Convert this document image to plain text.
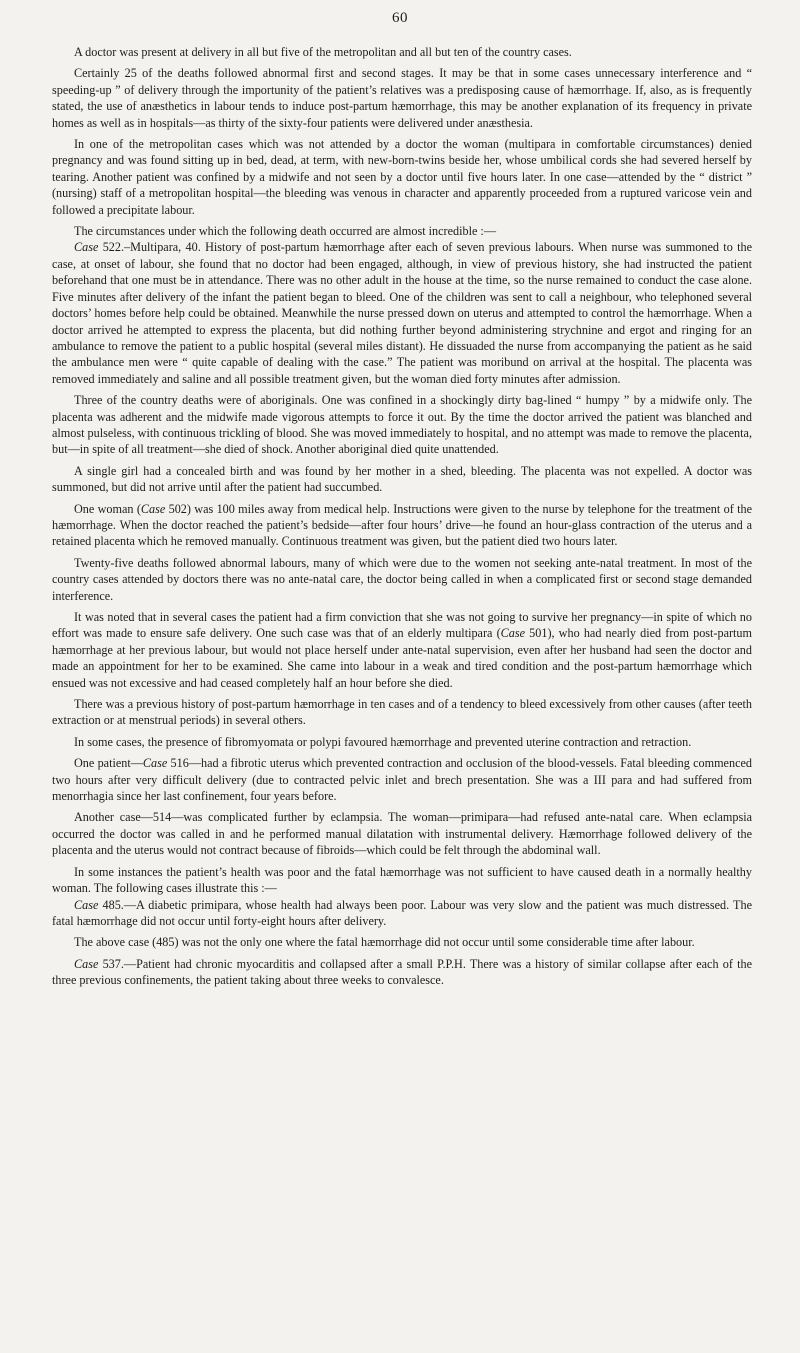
60

A doctor was present at delivery in all but five of the metropolitan and all but ten of the country cases.

Certainly 25 of the deaths followed abnormal first and second stages. It may be that in some cases unnecessary interference and “ speeding-up ” of delivery through the importunity of the patient’s relatives was a predisposing cause of hæmorrhage. If, also, as is frequently stated, the use of anæsthetics in labour tends to induce post-partum hæmorrhage, this may be another explanation of its frequency in private homes as well as in hospitals—as thirty of the sixty-four patients were delivered under anæsthesia.

In one of the metropolitan cases which was not attended by a doctor the woman (multipara in comfortable circumstances) denied pregnancy and was found sitting up in bed, dead, at term, with new-born-twins beside her, whose umbilical cords she had severed herself by tearing. Another patient was confined by a midwife and not seen by a doctor until five hours later. In one case—attended by the “ district ” (nursing) staff of a metropolitan hospital—the bleeding was venous in character and apparently proceeded from a ruptured varicose vein and followed a precipitate labour.

The circumstances under which the following death occurred are almost incredible :—

Case 522.–Multipara, 40. History of post-partum hæmorrhage after each of seven previous labours. When nurse was summoned to the case, at onset of labour, she found that no doctor had been engaged, although, in view of previous history, she had instructed the patient beforehand that one must be in attendance. There was no other adult in the house at the time, so the nurse remained to conduct the case alone. Five minutes after delivery of the infant the patient began to bleed. One of the children was sent to call a neighbour, who telephoned several doctors’ homes before help could be obtained. Meanwhile the nurse pressed down on uterus and attempted to control the hæmorrhage. When a doctor arrived he attempted to express the placenta, but did nothing further beyond administering strychnine and ergot and ringing for an ambulance to remove the patient to a public hospital (several miles distant). He dissuaded the nurse from accompanying the patient as he said the ambulance men were “ quite capable of dealing with the case.” The patient was moribund on arrival at the hospital. The placenta was removed immediately and saline and all possible treatment given, but the woman died forty minutes after admission.

Three of the country deaths were of aboriginals. One was confined in a shockingly dirty bag-lined “ humpy ” by a midwife only. The placenta was adherent and the midwife made vigorous attempts to force it out. By the time the doctor arrived the patient was blanched and almost pulseless, with continuous trickling of blood. She was moved immediately to hospital, and no attempt was made to remove the placenta, but—in spite of all treatment—she died of shock. Another aboriginal died quite unattended.

A single girl had a concealed birth and was found by her mother in a shed, bleeding. The placenta was not expelled. A doctor was summoned, but did not arrive until after the patient had succumbed.

One woman (Case 502) was 100 miles away from medical help. Instructions were given to the nurse by telephone for the treatment of the hæmorrhage. When the doctor reached the patient’s bedside—after four hours’ drive—he found an hour-glass contraction of the uterus and a retained placenta which he removed manually. Continuous treatment was given, but the patient died two hours later.

Twenty-five deaths followed abnormal labours, many of which were due to the women not seeking ante-natal treatment. In most of the country cases attended by doctors there was no ante-natal care, the doctor being called in when a complicated first or second stage demanded interference.

It was noted that in several cases the patient had a firm conviction that she was not going to survive her pregnancy—in spite of which no effort was made to ensure safe delivery. One such case was that of an elderly multipara (Case 501), who had nearly died from post-partum hæmorrhage at her previous labour, but would not place herself under ante-natal supervision, even after her husband had seen the doctor and made an appointment for her to be examined. She came into labour in a weak and tired condition and the post-partum hæmorrhage which ensued was not excessive and had ceased completely half an hour before she died.

There was a previous history of post-partum hæmorrhage in ten cases and of a tendency to bleed excessively from other causes (after teeth extraction or at menstrual periods) in several others.

In some cases, the presence of fibromyomata or polypi favoured hæmorrhage and prevented uterine contraction and retraction.

One patient—Case 516—had a fibrotic uterus which prevented contraction and occlusion of the blood-vessels. Fatal bleeding commenced two hours after very difficult delivery (due to contracted pelvic inlet and brech presentation. She was a III para and had suffered from menorrhagia since her last confinement, four years before.

Another case—514—was complicated further by eclampsia. The woman—primipara—had refused ante-natal care. When eclampsia occurred the doctor was called in and he performed manual dilatation with instrumental delivery. Hæmorrhage followed delivery of the placenta and the uterus would not contract because of fibroids—which could be felt through the abdominal wall.

In some instances the patient’s health was poor and the fatal hæmorrhage was not sufficient to have caused death in a normally healthy woman. The following cases illustrate this :—

Case 485.—A diabetic primipara, whose health had always been poor. Labour was very slow and the patient was much distressed. The fatal hæmorrhage did not occur until forty-eight hours after delivery.

The above case (485) was not the only one where the fatal hæmorrhage did not occur until some considerable time after labour.

Case 537.—Patient had chronic myocarditis and collapsed after a small P.P.H. There was a history of similar collapse after each of the three previous confinements, the patient taking about three weeks to convalesce.
